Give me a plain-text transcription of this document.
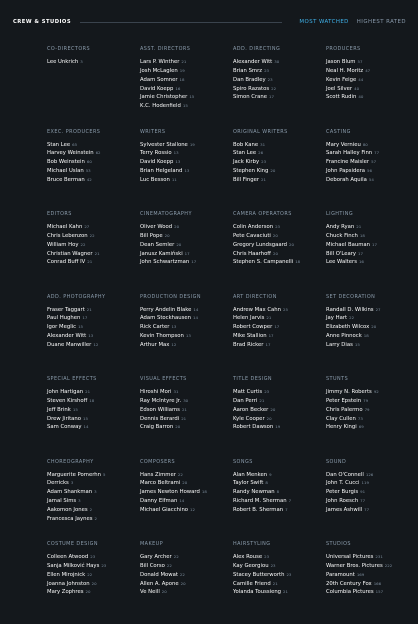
CREW & STUDIOS	MOST WATCHED HIGHEST RATED
CO-DIRECTORS
Lee Unkrich 3
ASST. DIRECTORS
Lars P. Winther 21
Josh McLaglen 19
Adam Somner 18
David Koepp 16
Jamie Christopher 15
K.C. Hodenfield 15
ADD. DIRECTING
Alexander Witt 30
Brian Smrz 23
Dan Bradley 23
Spiro Razatos 22
Simon Crane 17
PRODUCERS
Jason Blum 57
Neal H. Moritz 47
Kevin Feige 44
Joel Silver 40
Scott Rudin 40
EXEC. PRODUCERS
Stan Lee 65
Harvey Weinstein 62
Bob Weinstein 60
Michael Uslan 53
Bruce Berman 42
WRITERS
Sylvester Stallone 19
Terry Rossio 13
David Koepp 13
Brian Helgeland 13
Luc Besson 11
ORIGINAL WRITERS
Bob Kane 31
Stan Lee 26
Jack Kirby 23
Stephen King 20
Bill Finger 21
CASTING
Mary Vernieu 80
Sarah Halley Finn 77
Francine Maisler 57
John Papsidera 56
Deborah Aquila 54
EDITORS
Michael Kahn 27
Chris Lebenzon 22
William Hoy 22
Christian Wagner 21
Conrad Buff IV 21
CINEMATOGRAPHY
Oliver Wood 20
Bill Pope 20
Dean Semler 20
Janusz Kamiński 17
John Schwartzman 17
CAMERA OPERATORS
Colin Anderson 23
Pete Cavaciuti 20
Gregory Lundsgaard 20
Chris Haarhoff 20
Stephen S. Campanelli 18
LIGHTING
Andy Ryan 21
Chuck Finch 18
Michael Bauman 17
Bill O'Leary 17
Lee Walters 16
ADD. PHOTOGRAPHY
Fraser Taggart 21
Paul Hughen 17
Igor Meglic 15
Alexander Witt 13
Duane Manwiller 12
PRODUCTION DESIGN
Perry Andelin Blake 14
Adam Stockhausen 14
Rick Carter 13
Kevin Thompson 13
Arthur Max 12
ART DIRECTION
Andrew Max Cahn 25
Helen Jarvis 21
Robert Cowper 17
Mike Stallion 17
Brad Ricker 17
SET DECORATION
Randall D. Wilkins 27
Jay Hart 22
Elizabeth Wilcox 20
Anne Pinnock 18
Larry Dias 15
SPECIAL EFFECTS
John Hartigan 21
Steven Kirshoff 18
Jeff Brink 15
Drew Jiritano 15
Sam Conway 14
VISUAL EFFECTS
Hiroshi Mori 31
Ray McIntyre Jr. 30
Edson Williams 21
Dennis Berardi 21
Craig Barron 20
TITLE DESIGN
Matt Curtis 23
Dan Perri 21
Aaron Becker 20
Kyle Cooper 20
Robert Dawson 19
STUNTS
Jimmy N. Roberts 92
Peter Epstein 79
Chris Palermo 79
Clay Cullen 73
Henry Kingi 69
CHOREOGRAPHY
Marguerite Pomerhn 5
Derricks 3
Adam Shankman 3
Jamal Sims 3
Aakomon Jones 2
Francesca Jaynes 2
COMPOSERS
Hans Zimmer 22
Marco Beltrami 20
James Newton Howard 18
Danny Elfman 14
Michael Giacchino 12
SONGS
Alan Menken 9
Taylor Swift 8
Randy Newman 8
Richard M. Sherman 7
Robert B. Sherman 7
SOUND
Dan O'Connell 126
John T. Cucci 119
Peter Burgis 91
John Roesch 77
James Ashwill 77
COSTUME DESIGN
Colleen Atwood 23
Sanja Milković Hays 23
Ellen Mirojnick 22
Joanna Johnston 20
Mary Zophres 20
MAKEUP
Gary Archer 22
Bill Corso 22
Donald Mowat 22
Allen A. Apone 20
Ve Neill 20
HAIRSTYLING
Alex Rouse 23
Kay Georgiou 23
Stacey Butterworth 23
Camille Friend 21
Yolanda Toussieng 21
STUDIOS
Universal Pictures 231
Warner Bros. Pictures 222
Paramount 169
20th Century Fox 166
Columbia Pictures 157
